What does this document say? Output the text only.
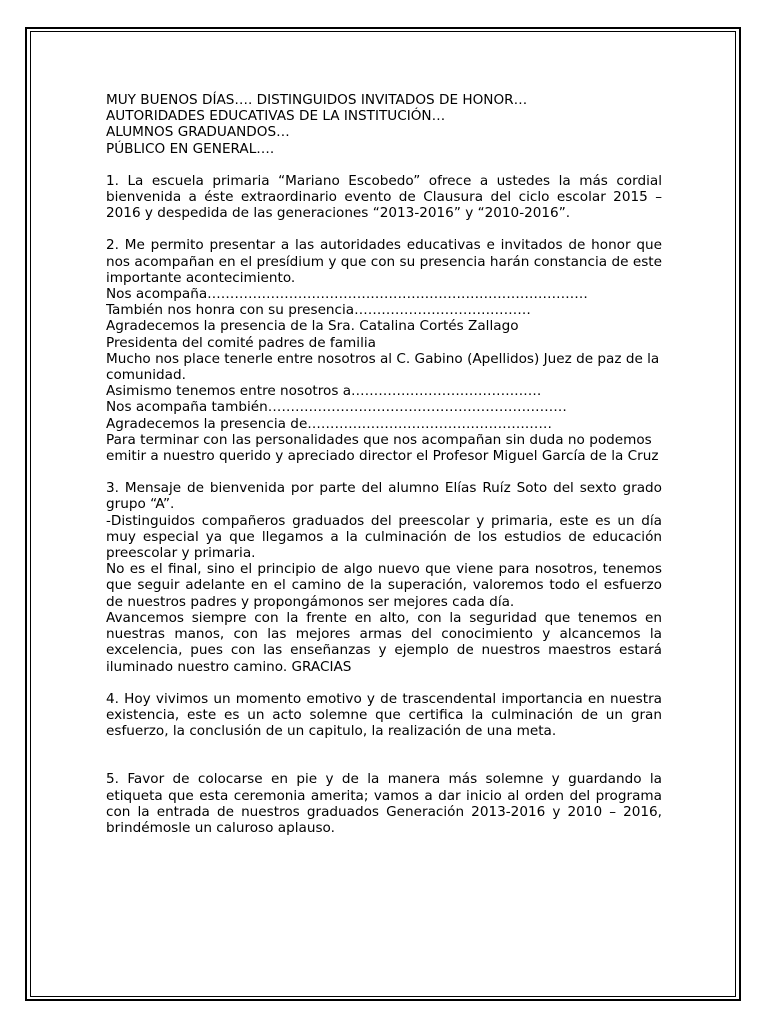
MUY BUENOS DÍAS…. DISTINGUIDOS INVITADOS DE HONOR…

AUTORIDADES EDUCATIVAS DE LA INSTITUCIÓN…

ALUMNOS GRADUANDOS…

PÚBLICO EN GENERAL….

1. La escuela primaria “Mariano Escobedo” ofrece a ustedes la más cordial bienvenida a éste extraordinario evento de Clausura del ciclo escolar 2015 – 2016 y despedida de las generaciones “2013-2016” y “2010-2016”.

2. Me permito presentar a las autoridades educativas e invitados de honor que nos acompañan en el presídium y que con su presencia harán constancia de este importante acontecimiento.

Nos acompaña…………………………………………………………………………

También nos honra con su presencia…………………………………

Agradecemos la presencia de la Sra. Catalina Cortés Zallago

Presidenta del comité padres de familia

Mucho nos place tenerle entre nosotros al C. Gabino (Apellidos) Juez de paz de la comunidad.

Asimismo tenemos entre nosotros a……………………………………

Nos acompaña también…………………………………………………………

Agradecemos la presencia de………………………………………………

Para terminar con las personalidades que nos acompañan sin duda no podemos emitir a nuestro querido y apreciado director el Profesor Miguel García de la Cruz

3. Mensaje de bienvenida por parte del alumno Elías Ruíz Soto del sexto grado grupo “A”.

-Distinguidos compañeros graduados del preescolar y primaria, este es un día muy especial ya que llegamos a la culminación de los estudios de educación preescolar y primaria.

No es el final, sino el principio de algo nuevo que viene para nosotros, tenemos que seguir adelante en el camino de la superación, valoremos todo el esfuerzo de nuestros padres y propongámonos ser mejores cada día.

Avancemos siempre con la frente en alto, con la seguridad que tenemos en nuestras manos, con las mejores armas del conocimiento y alcancemos la excelencia, pues con las enseñanzas y ejemplo de nuestros maestros estará iluminado nuestro camino. GRACIAS

4. Hoy vivimos un momento emotivo y de trascendental importancia en nuestra existencia, este es un acto solemne que certifica la culminación de un gran esfuerzo, la conclusión de un capitulo, la realización de una meta.

5. Favor de colocarse en pie y de la manera más solemne y guardando la etiqueta que esta ceremonia amerita; vamos a dar inicio al orden del programa con la entrada de nuestros graduados Generación 2013-2016 y 2010 – 2016, brindémosle un caluroso aplauso.
